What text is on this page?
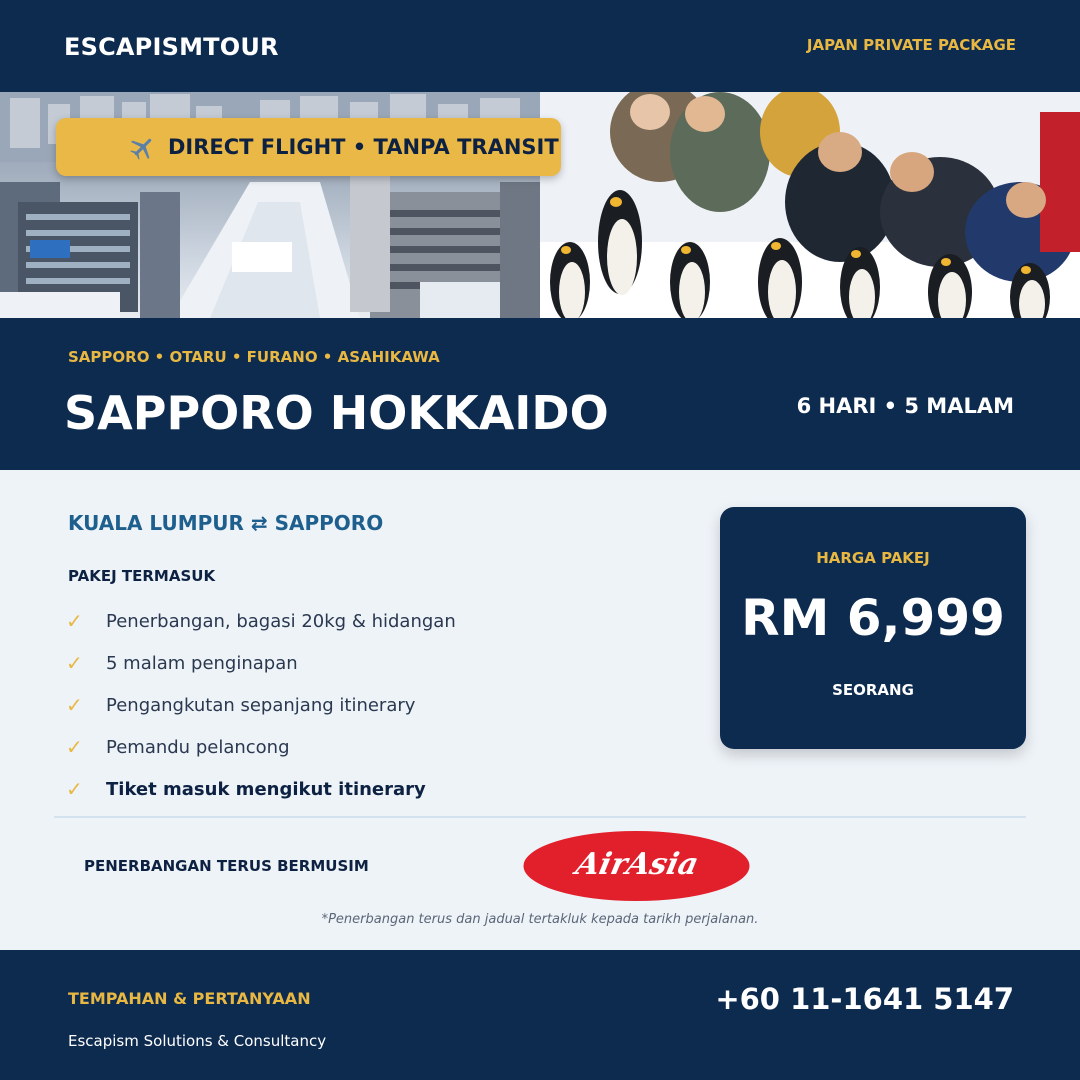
ESCAPISMTOUR	JAPAN PRIVATE PACKAGE
DIRECT FLIGHT • TANPA TRANSIT
SAPPORO • OTARU • FURANO • ASAHIKAWA
SAPPORO HOKKAIDO	6 HARI • 5 MALAM
KUALA LUMPUR ⇄ SAPPORO
PAKEJ TERMASUK
✓	Penerbangan, bagasi 20kg & hidangan
✓	5 malam penginapan
✓	Pengangkutan sepanjang itinerary
✓	Pemandu pelancong
✓	Tiket masuk mengikut itinerary
HARGA PAKEJ
RM 6,999
SEORANG
PENERBANGAN TERUS BERMUSIM	AirAsia
*Penerbangan terus dan jadual tertakluk kepada tarikh perjalanan.
TEMPAHAN & PERTANYAAN
Escapism Solutions & Consultancy
+60 11-1641 5147
